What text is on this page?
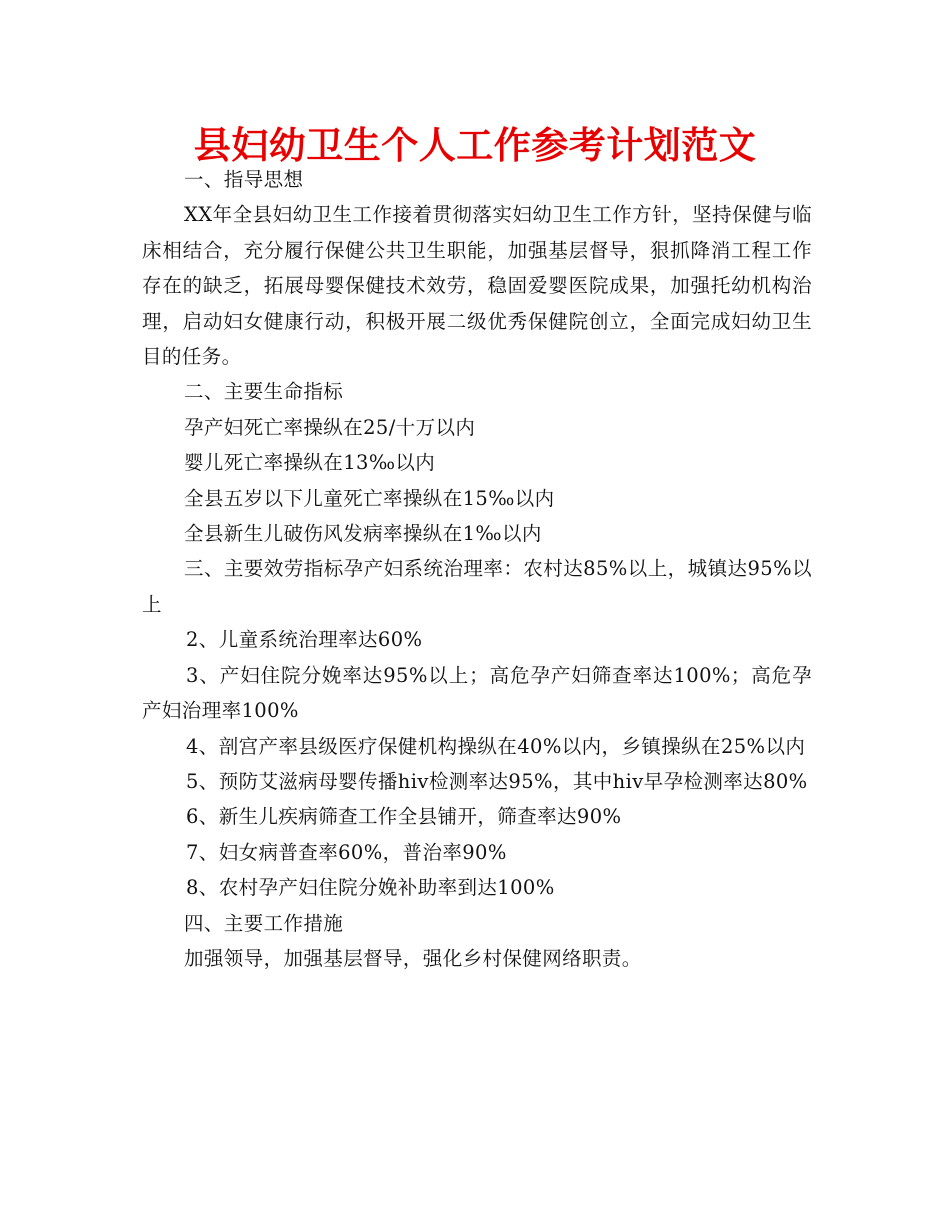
县妇幼卫生个人工作参考计划范文

一、指导思想

XX年全县妇幼卫生工作接着贯彻落实妇幼卫生工作方针，坚持保健与临床相结合，充分履行保健公共卫生职能，加强基层督导，狠抓降消工程工作存在的缺乏，拓展母婴保健技术效劳，稳固爱婴医院成果，加强托幼机构治理，启动妇女健康行动，积极开展二级优秀保健院创立，全面完成妇幼卫生目的任务。

二、主要生命指标

孕产妇死亡率操纵在25/十万以内

婴儿死亡率操纵在13‰以内

全县五岁以下儿童死亡率操纵在15‰以内

全县新生儿破伤风发病率操纵在1‰以内

三、主要效劳指标孕产妇系统治理率：农村达85%以上，城镇达95%以上

2、儿童系统治理率达60%

3、产妇住院分娩率达95%以上；高危孕产妇筛查率达100%；高危孕产妇治理率100%

4、剖宫产率县级医疗保健机构操纵在40%以内，乡镇操纵在25%以内

5、预防艾滋病母婴传播hiv检测率达95%，其中hiv早孕检测率达80%

6、新生儿疾病筛查工作全县铺开，筛查率达90%

7、妇女病普查率60%，普治率90%

8、农村孕产妇住院分娩补助率到达100%

四、主要工作措施

加强领导，加强基层督导，强化乡村保健网络职责。
